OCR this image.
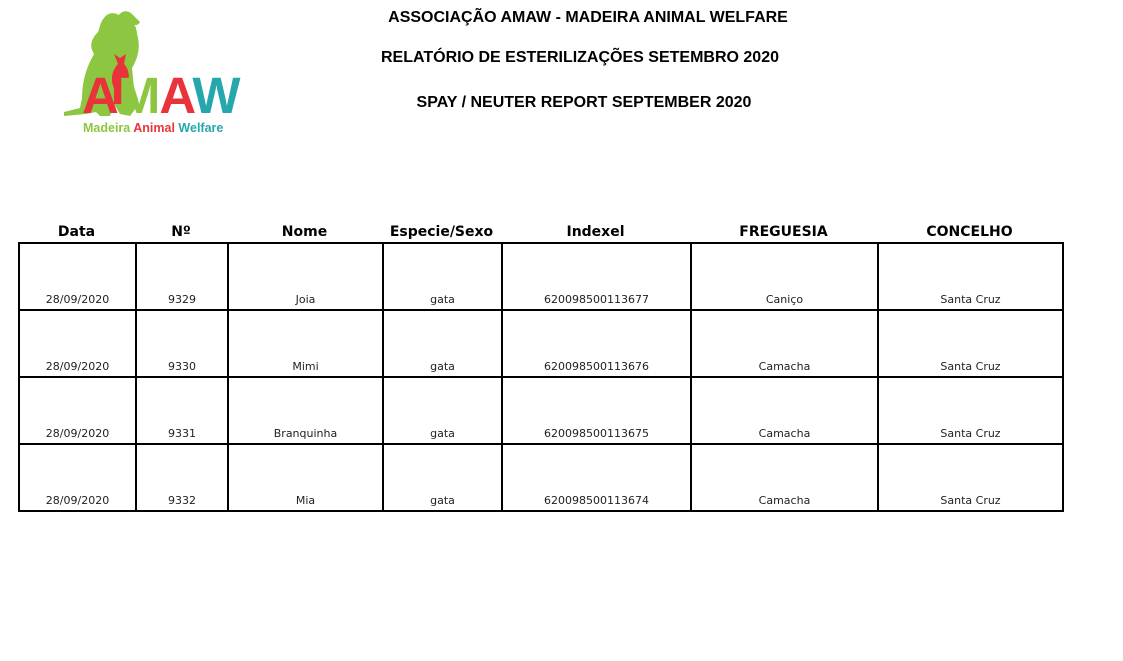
AMAW
Madeira Animal Welfare
ASSOCIAÇÃO AMAW - MADEIRA ANIMAL WELFARE
RELATÓRIO DE ESTERILIZAÇÕES SETEMBRO 2020
SPAY / NEUTER REPORT SEPTEMBER 2020
Data	Nº	Nome	Especie/Sexo	Indexel	FREGUESIA	CONCELHO
28/09/2020	9329	Joia	gata	620098500113677	Caniço	Santa Cruz
28/09/2020	9330	Mimi	gata	620098500113676	Camacha	Santa Cruz
28/09/2020	9331	Branquinha	gata	620098500113675	Camacha	Santa Cruz
28/09/2020	9332	Mia	gata	620098500113674	Camacha	Santa Cruz
